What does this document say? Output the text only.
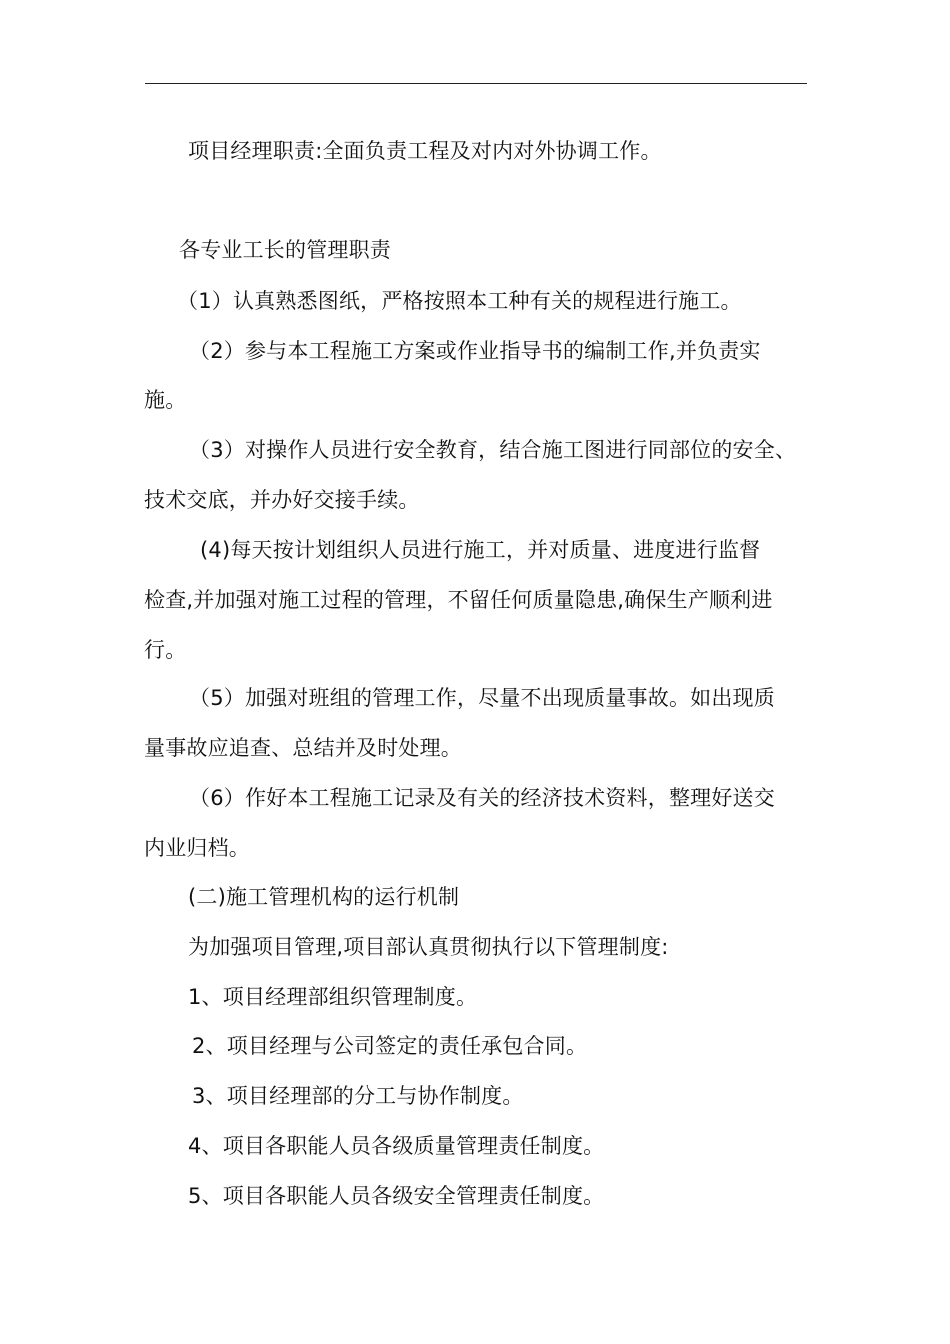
项目经理职责:全面负责工程及对内对外协调工作。
各专业工长的管理职责
（1）认真熟悉图纸，严格按照本工种有关的规程进行施工。
（2）参与本工程施工方案或作业指导书的编制工作,并负责实
施。
（3）对操作人员进行安全教育，结合施工图进行同部位的安全、
技术交底，并办好交接手续。
(4)每天按计划组织人员进行施工，并对质量、进度进行监督
检查,并加强对施工过程的管理，不留任何质量隐患,确保生产顺利进
行。
（5）加强对班组的管理工作，尽量不出现质量事故。如出现质
量事故应追查、总结并及时处理。
（6）作好本工程施工记录及有关的经济技术资料，整理好送交
内业归档。
(二)施工管理机构的运行机制
为加强项目管理,项目部认真贯彻执行以下管理制度:
1、项目经理部组织管理制度。
2、项目经理与公司签定的责任承包合同。
3、项目经理部的分工与协作制度。
4、项目各职能人员各级质量管理责任制度。
5、项目各职能人员各级安全管理责任制度。
